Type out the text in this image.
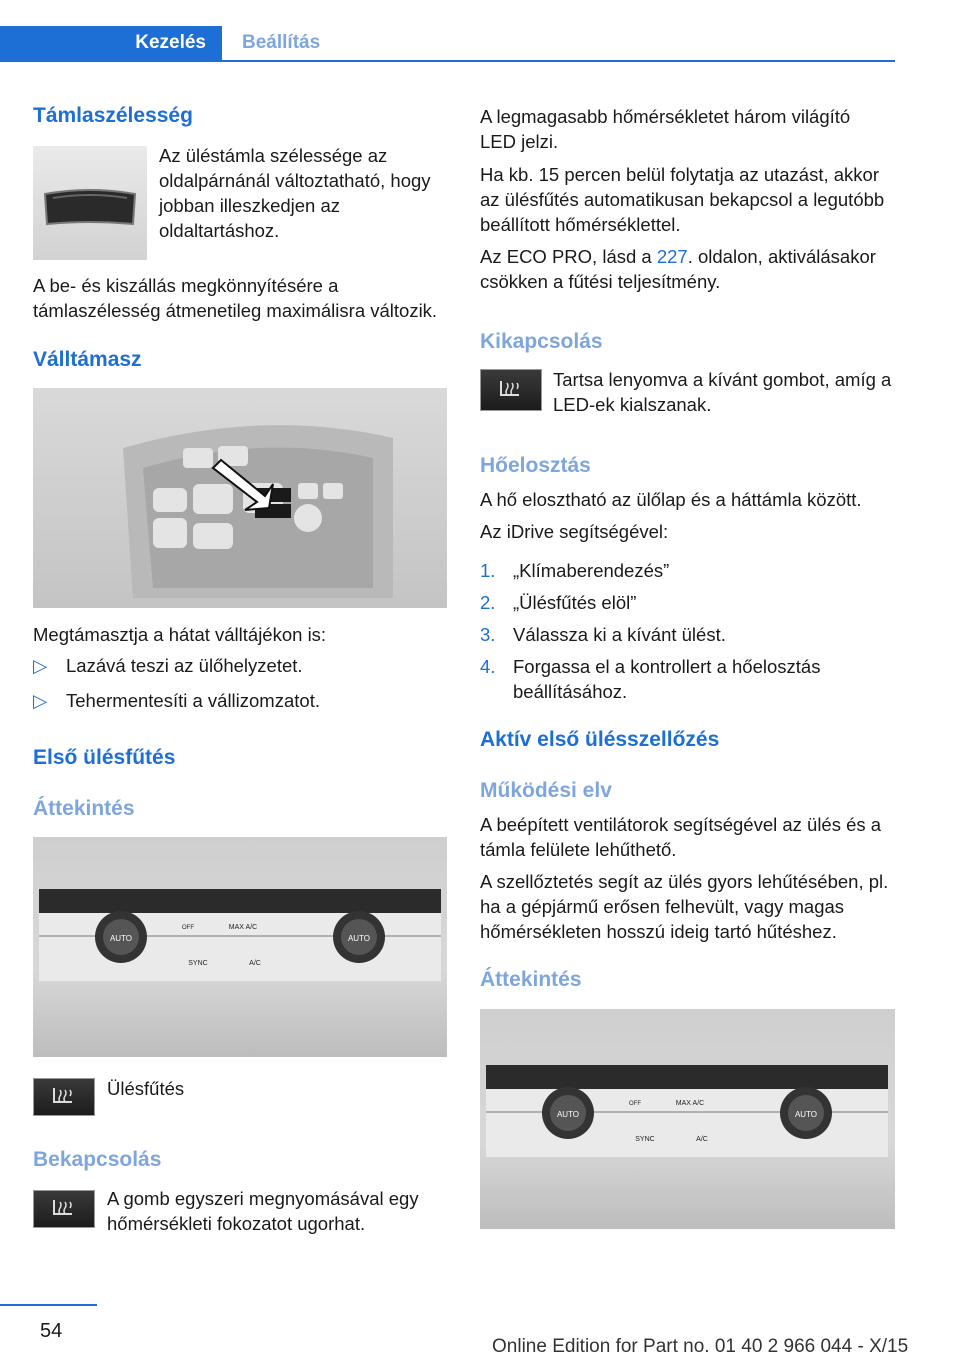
Kezelés	Beállítás
Támlaszélesség

Az üléstámla szélessége az oldalpárnánál változtatható, hogy jobban illeszkedjen az oldaltartáshoz.

A be- és kiszállás megkönnyítésére a támlaszélesség átmenetileg maximálisra változik.

Válltámasz

Megtámasztja a hátat válltájékon is:

▷ Lazává teszi az ülőhelyzetet.
▷ Tehermentesíti a vállizomzatot.
Első ülésfűtés
Áttekintés
AUTO	AUTO
MAX A/C
SYNC	A/C
OFF

Ülésfűtés

Bekapcsolás

A gomb egyszeri megnyomásával egy hőmérsékleti fokozatot ugorhat.

A legmagasabb hőmérsékletet három világító LED jelzi.

Ha kb. 15 percen belül folytatja az utazást, akkor az ülésfűtés automatikusan bekapcsol a legutóbb beállított hőmérséklettel.

Az ECO PRO, lásd a 227. oldalon, aktiválásakor csökken a fűtési teljesítmény.

Kikapcsolás

Tartsa lenyomva a kívánt gombot, amíg a LED-ek kialszanak.

Hőelosztás

A hő elosztható az ülőlap és a háttámla között.

Az iDrive segítségével:

1. „Klímaberendezés”
2. „Ülésfűtés elöl”
3. Válassza ki a kívánt ülést.
4. Forgassa el a kontrollert a hőelosztás beállításához.
Aktív első ülésszellőzés
Működési elv

A beépített ventilátorok segítségével az ülés és a támla felülete lehűthető.

A szellőztetés segít az ülés gyors lehűtésében, pl. ha a gépjármű erősen felhevült, vagy magas hőmérsékleten hosszú ideig tartó hűtéshez.

Áttekintés
AUTO	AUTO
MAX A/C
SYNC	A/C
OFF
54
Online Edition for Part no. 01 40 2 966 044 - X/15
